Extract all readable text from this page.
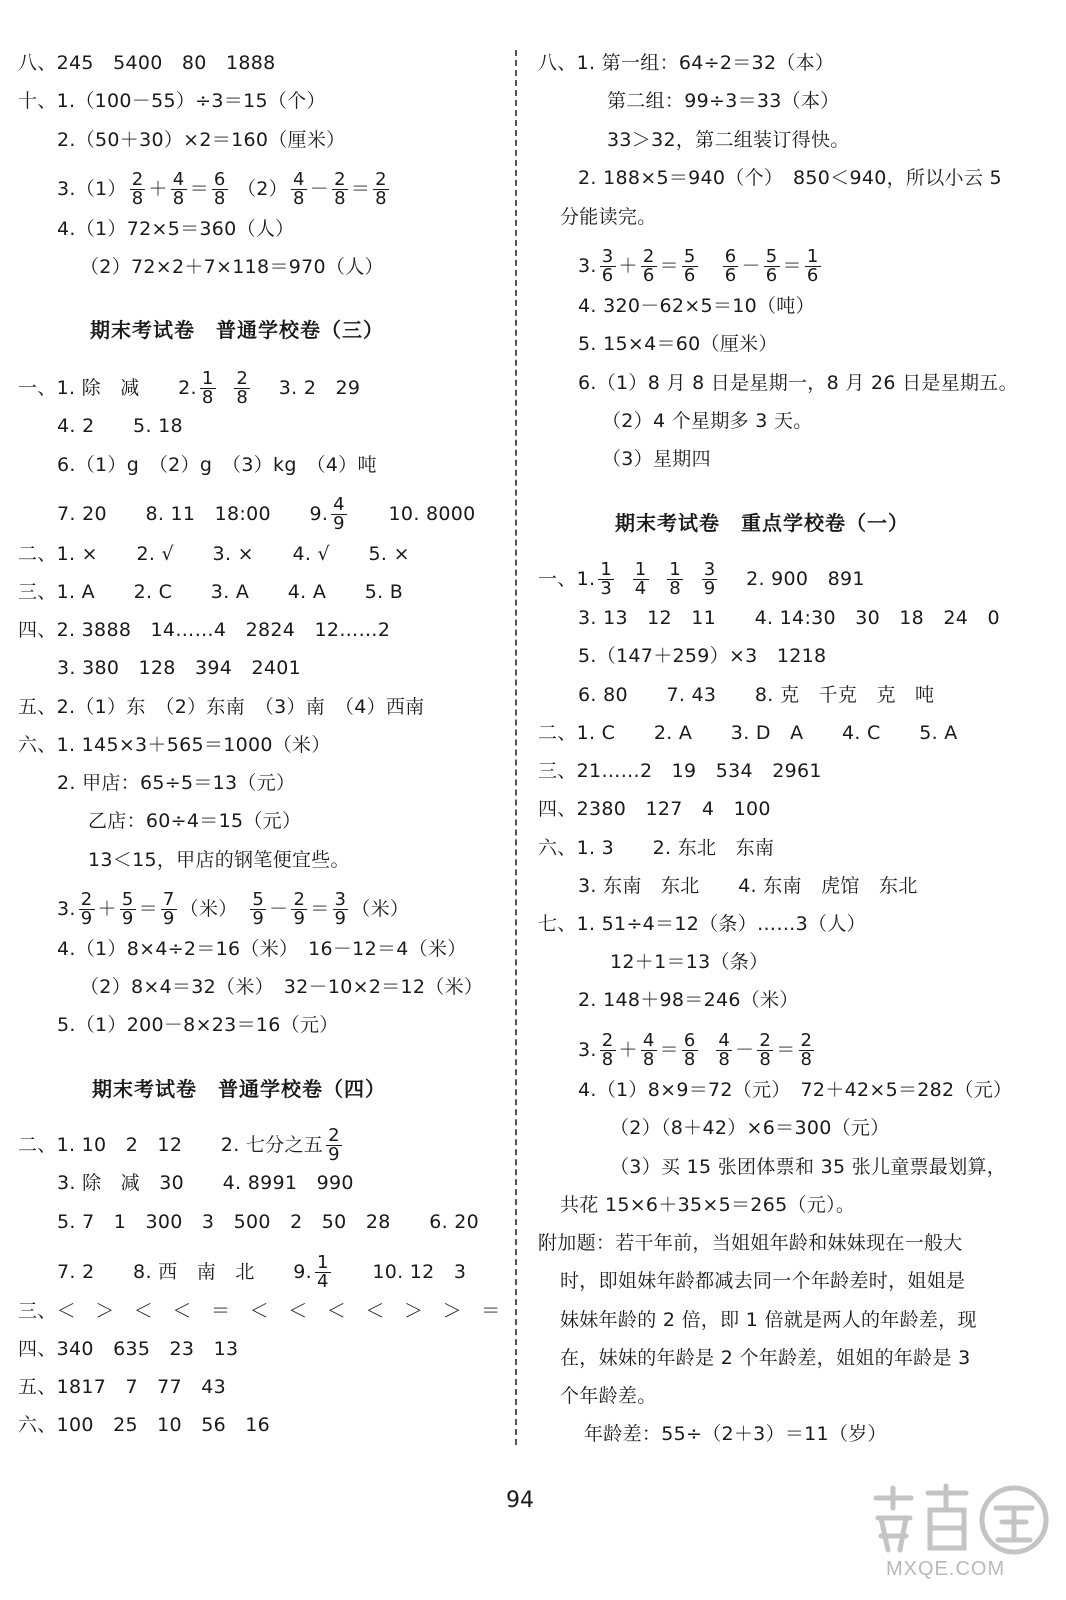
八、245　5400　80　1888
十、1.（100－55）÷3＝15（个）
2.（50＋30）×2＝160（厘米）
$3.(1) \frac{2}{8} + \frac{4}{8} = \frac{6}{8} (2) \frac{4}{8} - \frac{2}{8} = \frac{2}{8}$
4.（1）72×5＝360（人）
（2）72×2＋7×118＝970（人）
期末考试卷　普通学校卷（三）
一、1. 除　减　　2. $\frac{1}{8}$
$\frac{2}{8}$ 　 3. 2　29
4. 2　　5. 18
6.（1）g　（2）g　（3）kg　（4）吨
7. 20　　8. 11　18:00　　9. $\frac{4}{9}$ 　　10. 8000
二、1. ×　　2. √　　3. ×　　4. √　　5. ×
三、1. A　　2. C　　3. A　　4. A　　5. B
四、2. 3888　14……4　2824　12……2
3. 380　128　394　2401
五、2.（1）东　（2）东南　（3）南　（4）西南
六、1. 145×3＋565＝1000（米）
2. 甲店：65÷5＝13（元）
乙店：60÷4＝15（元）
13＜15，甲店的钢笔便宜些。
3. $\frac{2}{9} + \frac{5}{9} = \frac{7}{9}$ （米）　 $\frac{5}{9} - \frac{2}{9} = \frac{3}{9}$ （米）
4.（1）8×4÷2＝16（米）　16－12＝4（米）
（2）8×4＝32（米）　32－10×2＝12（米）
5.（1）200－8×23＝16（元）
期末考试卷　普通学校卷（四）
二、1. 10　2　12　　2. 七分之五 $\frac{2}{9}$
3. 除　减　30　　4. 8991　990
5. 7　1　300　3　500　2　50　28　　6. 20
7. 2　　8. 西　南　北　　9. $\frac{1}{4}$ 　　10. 12　3
三、＜　＞　＜　＜　＝　＜　＜　＜　＜　＞　＞　＝
四、340　635　23　13
五、1817　7　77　43
六、100　25　10　56　16
八、1. 第一组：64÷2＝32（本）
第二组：99÷3＝33（本）
33＞32，第二组装订得快。
2. 188×5＝940（个）　850＜940，所以小云 5
分能读完。
3. $\frac{3}{6} + \frac{2}{6} = \frac{5}{6}$
$\frac{6}{6} - \frac{5}{6} = \frac{1}{6}$
4. 320－62×5＝10（吨）
5. 15×4＝60（厘米）
6.（1）8 月 8 日是星期一，8 月 26 日是星期五。
（2）4 个星期多 3 天。
（3）星期四
期末考试卷　重点学校卷（一）
一、1. $\frac{1}{3}$
$\frac{1}{4}$
$\frac{1}{8}$
$\frac{3}{9}$ 　 2. 900　891
3. 13　12　11　　4. 14:30　30　18　24　0
5.（147＋259）×3　1218
6. 80　　7. 43　　8. 克　千克　克　吨
二、1. C　　2. A　　3. D　A　　4. C　　5. A
三、21……2　19　534　2961
四、2380　127　4　100
六、1. 3　　2. 东北　东南
3. 东南　东北　　4. 东南　虎馆　东北
七、1. 51÷4＝12（条）……3（人）
12＋1＝13（条）
2. 148＋98＝246（米）
3. $\frac{2}{8} + \frac{4}{8} = \frac{6}{8}$
$\frac{4}{8} - \frac{2}{8} = \frac{2}{8}$
4.（1）8×9＝72（元）　72＋42×5＝282（元）
（2）（8＋42）×6＝300（元）
（3）买 15 张团体票和 35 张儿童票最划算，
共花 15×6＋35×5＝265（元）。
附加题：若干年前，当姐姐年龄和妹妹现在一般大
时，即姐妹年龄都减去同一个年龄差时，姐姐是
妹妹年龄的 2 倍，即 1 倍就是两人的年龄差，现
在，妹妹的年龄是 2 个年龄差，姐姐的年龄是 3
个年龄差。
年龄差：55÷（2＋3）＝11（岁）
94
MXQE.COM
